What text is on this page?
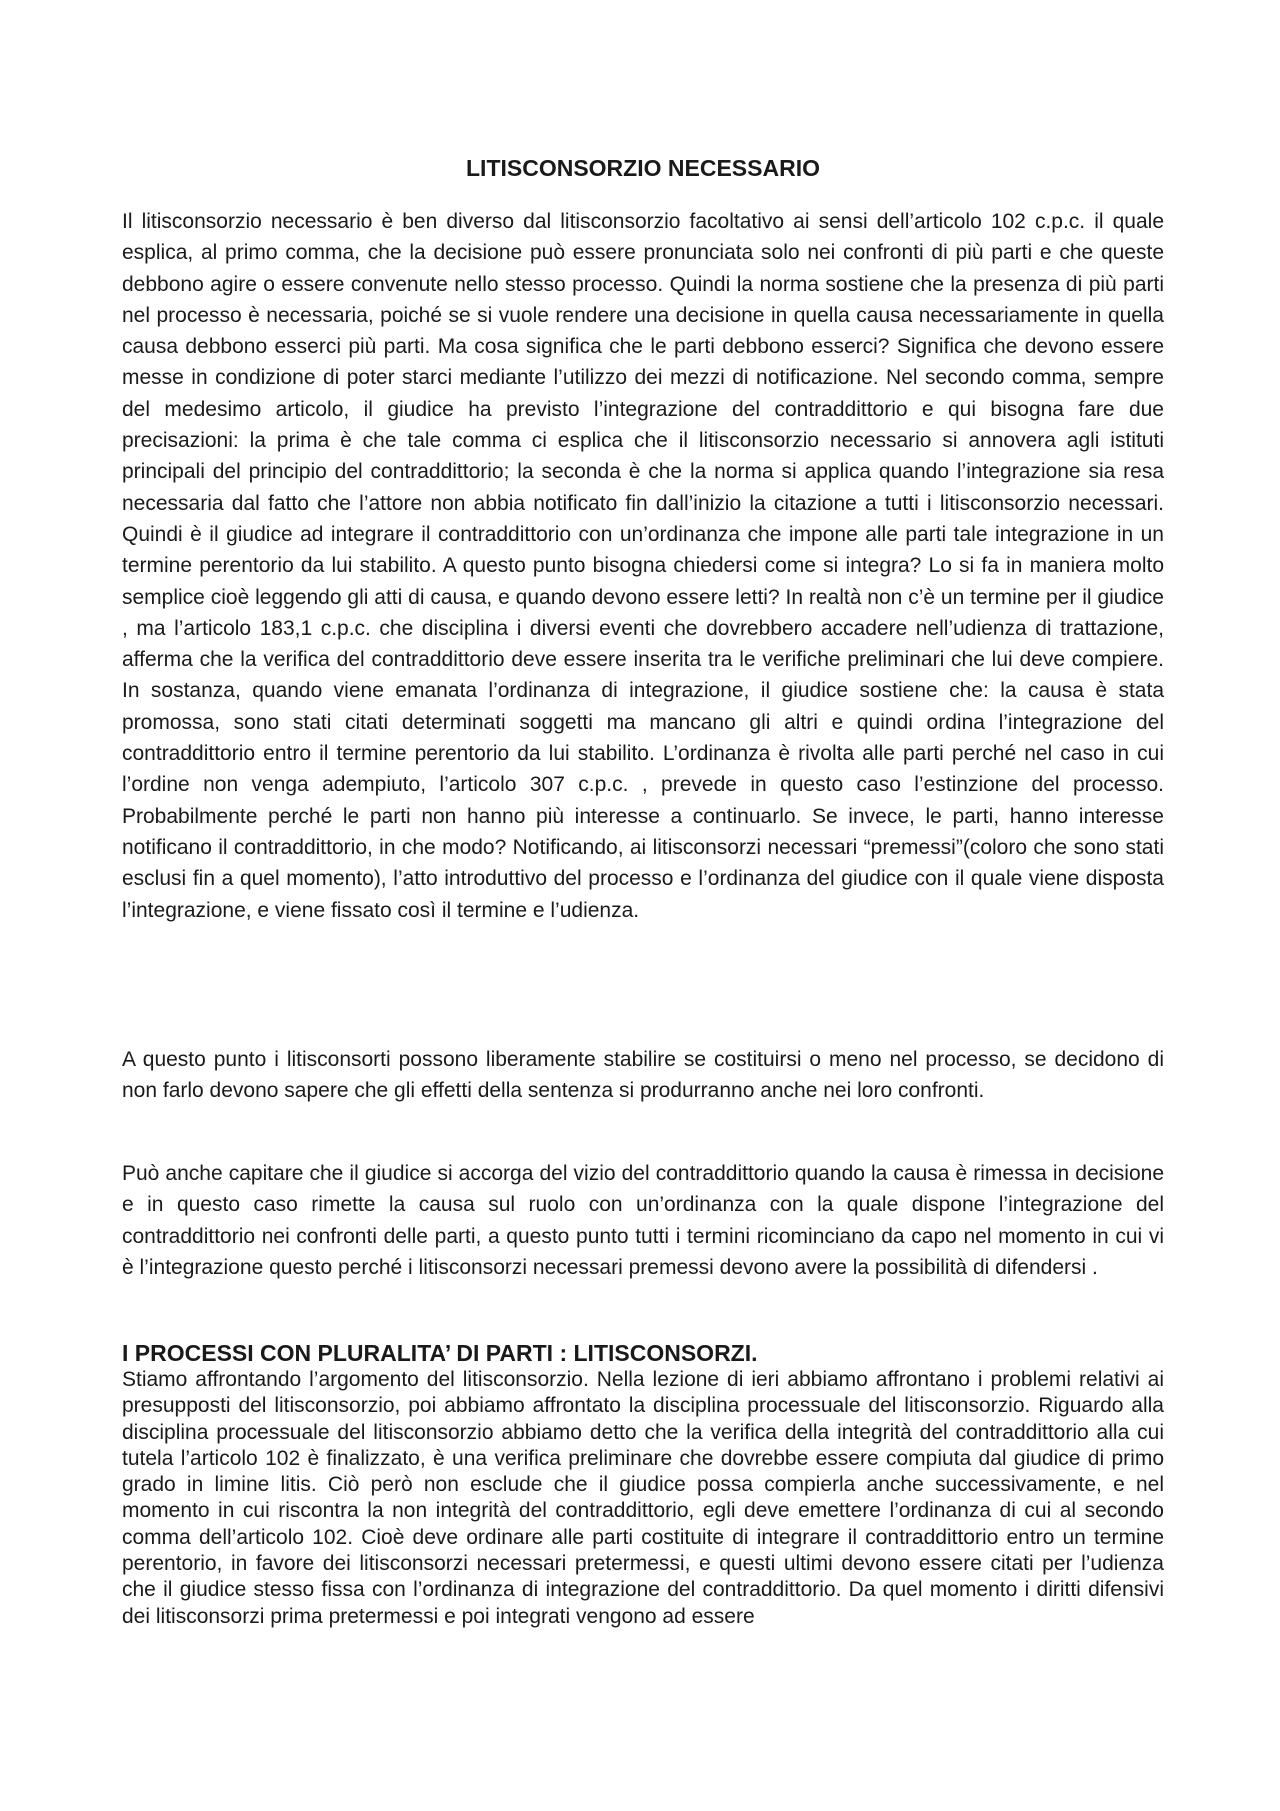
LITISCONSORZIO NECESSARIO

Il litisconsorzio necessario è ben diverso dal litisconsorzio facoltativo ai sensi dell’articolo 102 c.p.c. il quale esplica, al primo comma, che la decisione può essere pronunciata solo nei confronti di più parti e che queste debbono agire o essere convenute nello stesso processo. Quindi la norma sostiene che la presenza di più parti nel processo è necessaria, poiché se si vuole rendere una decisione in quella causa necessariamente in quella causa debbono esserci più parti. Ma cosa significa che le parti debbono esserci? Significa che devono essere messe in condizione di poter starci mediante l’utilizzo dei mezzi di notificazione. Nel secondo comma, sempre del medesimo articolo, il giudice ha previsto l’integrazione del contraddittorio e qui bisogna fare due precisazioni: la prima è che tale comma ci esplica che il litisconsorzio necessario si annovera agli istituti principali del principio del contraddittorio; la seconda è che la norma si applica quando l’integrazione sia resa necessaria dal fatto che l’attore non abbia notificato fin dall’inizio la citazione a tutti i litisconsorzio necessari. Quindi è il giudice ad integrare il contraddittorio con un’ordinanza che impone alle parti tale integrazione in un termine perentorio da lui stabilito. A questo punto bisogna chiedersi come si integra? Lo si fa in maniera molto semplice cioè leggendo gli atti di causa, e quando devono essere letti? In realtà non c’è un termine per il giudice , ma l’articolo 183,1 c.p.c. che disciplina i diversi eventi che dovrebbero accadere nell’udienza di trattazione, afferma che la verifica del contraddittorio deve essere inserita tra le verifiche preliminari che lui deve compiere. In sostanza, quando viene emanata l’ordinanza di integrazione, il giudice sostiene che: la causa è stata promossa, sono stati citati determinati soggetti ma mancano gli altri e quindi ordina l’integrazione del contraddittorio entro il termine perentorio da lui stabilito. L’ordinanza è rivolta alle parti perché nel caso in cui l’ordine non venga adempiuto, l’articolo 307 c.p.c. , prevede in questo caso l’estinzione del processo. Probabilmente perché le parti non hanno più interesse a continuarlo. Se invece, le parti, hanno interesse notificano il contraddittorio, in che modo? Notificando, ai litisconsorzi necessari “premessi”(coloro che sono stati esclusi fin a quel momento), l’atto introduttivo del processo e l’ordinanza del giudice con il quale viene disposta l’integrazione, e viene fissato così il termine e l’udienza.

A questo punto i litisconsorti possono liberamente stabilire se costituirsi o meno nel processo, se decidono di non farlo devono sapere che gli effetti della sentenza si produrranno anche nei loro confronti.

Può anche capitare che il giudice si accorga del vizio del contraddittorio quando la causa è rimessa in decisione e in questo caso rimette la causa sul ruolo con un’ordinanza con la quale dispone l’integrazione del contraddittorio nei confronti delle parti, a questo punto tutti i termini ricominciano da capo nel momento in cui vi è l’integrazione questo perché i litisconsorzi necessari premessi devono avere la possibilità di difendersi .

I PROCESSI CON PLURALITA’ DI PARTI : LITISCONSORZI.

Stiamo affrontando l’argomento del litisconsorzio. Nella lezione di ieri abbiamo affrontano i problemi relativi ai presupposti del litisconsorzio, poi abbiamo affrontato la disciplina processuale del litisconsorzio. Riguardo alla disciplina processuale del litisconsorzio abbiamo detto che la verifica della integrità del contraddittorio alla cui tutela l’articolo 102 è finalizzato, è una verifica preliminare che dovrebbe essere compiuta dal giudice di primo grado in limine litis. Ciò però non esclude che il giudice possa compierla anche successivamente, e nel momento in cui riscontra la non integrità del contraddittorio, egli deve emettere l’ordinanza di cui al secondo comma dell’articolo 102. Cioè deve ordinare alle parti costituite di integrare il contraddittorio entro un termine perentorio, in favore dei litisconsorzi necessari pretermessi, e questi ultimi devono essere citati per l’udienza che il giudice stesso fissa con l’ordinanza di integrazione del contraddittorio. Da quel momento i diritti difensivi dei litisconsorzi prima pretermessi e poi integrati vengono ad essere
